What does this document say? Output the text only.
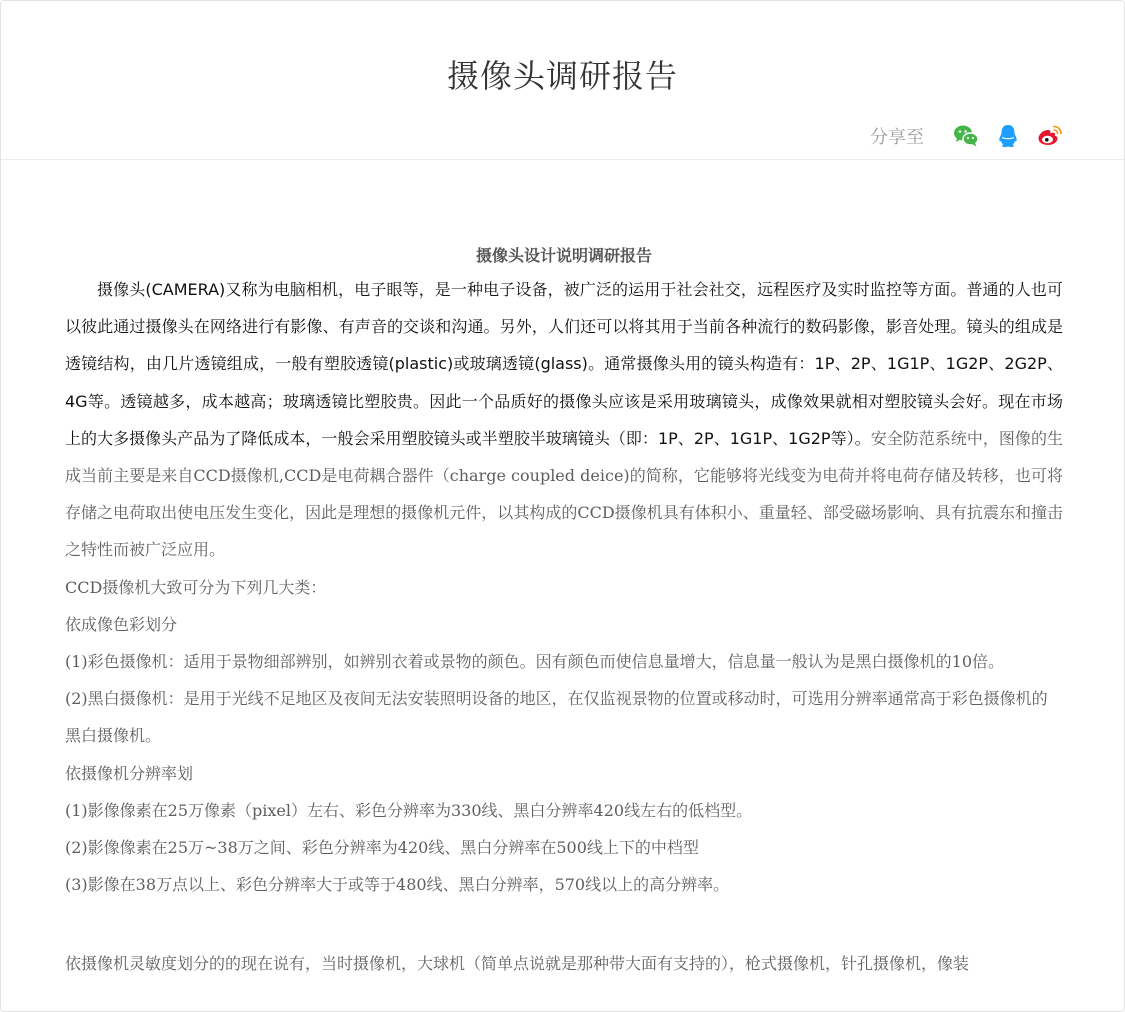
摄像头调研报告
分享至
摄像头设计说明调研报告

摄像头(CAMERA)又称为电脑相机，电子眼等，是一种电子设备，被广泛的运用于社会社交，远程医疗及实时监控等方面。普通的人也可以彼此通过摄像头在网络进行有影像、有声音的交谈和沟通。另外，人们还可以将其用于当前各种流行的数码影像，影音处理。镜头的组成是透镜结构，由几片透镜组成，一般有塑胶透镜(plastic)或玻璃透镜(glass)。通常摄像头用的镜头构造有：1P、2P、1G1P、1G2P、2G2P、4G等。透镜越多，成本越高；玻璃透镜比塑胶贵。因此一个品质好的摄像头应该是采用玻璃镜头，成像效果就相对塑胶镜头会好。现在市场上的大多摄像头产品为了降低成本，一般会采用塑胶镜头或半塑胶半玻璃镜头（即：1P、2P、1G1P、1G2P等）。安全防范系统中，图像的生成当前主要是来自CCD摄像机,CCD是电荷耦合器件（charge coupled deice)的简称，它能够将光线变为电荷并将电荷存储及转移，也可将存储之电荷取出使电压发生变化，因此是理想的摄像机元件，以其构成的CCD摄像机具有体积小、重量轻、部受磁场影响、具有抗震东和撞击之特性而被广泛应用。

CCD摄像机大致可分为下列几大类：

依成像色彩划分

(1)彩色摄像机：适用于景物细部辨别，如辨别衣着或景物的颜色。因有颜色而使信息量增大，信息量一般认为是黑白摄像机的10倍。

(2)黑白摄像机：是用于光线不足地区及夜间无法安装照明设备的地区，在仅监视景物的位置或移动时，可选用分辨率通常高于彩色摄像机的黑白摄像机。

依摄像机分辨率划

(1)影像像素在25万像素（pixel）左右、彩色分辨率为330线、黑白分辨率420线左右的低档型。

(2)影像像素在25万~38万之间、彩色分辨率为420线、黑白分辨率在500线上下的中档型

(3)影像在38万点以上、彩色分辨率大于或等于480线、黑白分辨率，570线以上的高分辨率。

依摄像机灵敏度划分的的现在说有，当时摄像机，大球机（简单点说就是那种带大面有支持的），枪式摄像机，针孔摄像机，像装
